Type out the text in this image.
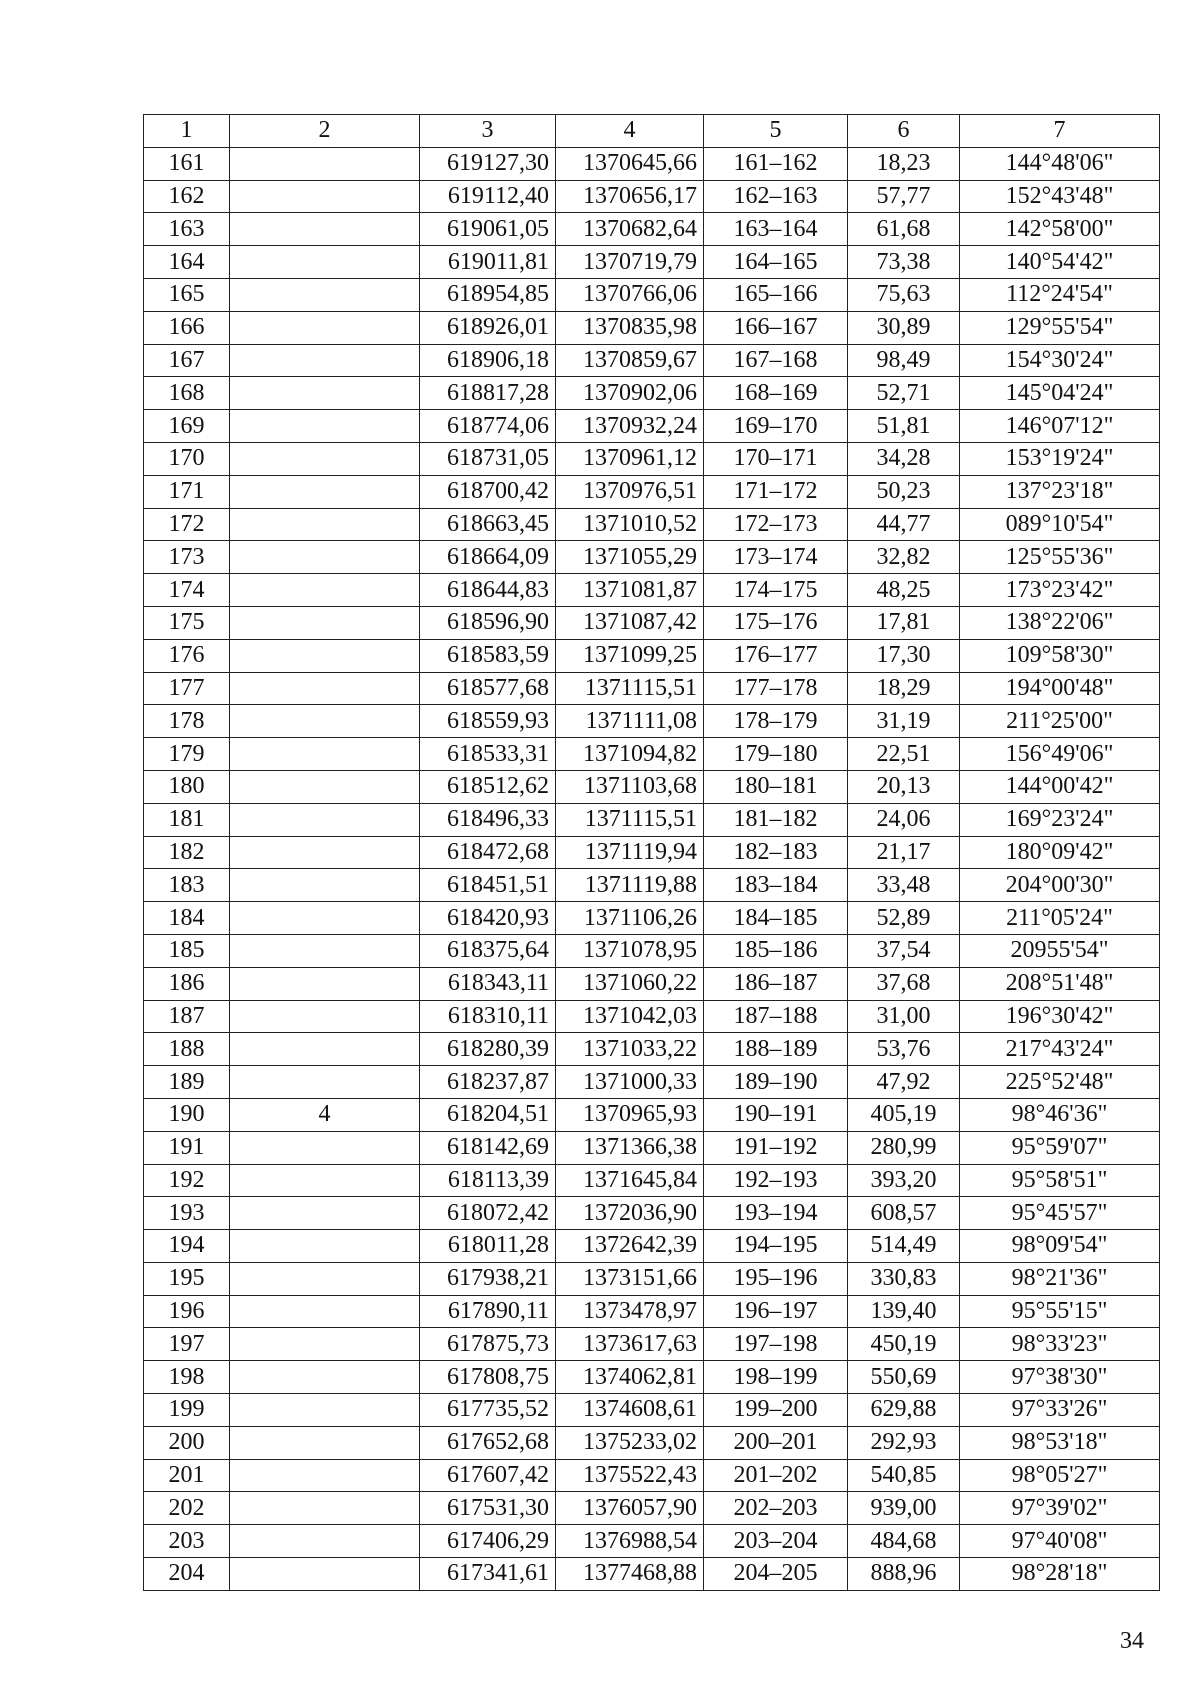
1	2	3	4	5	6	7
161		619127,30	1370645,66	161–162	18,23	144°48'06"
162		619112,40	1370656,17	162–163	57,77	152°43'48"
163		619061,05	1370682,64	163–164	61,68	142°58'00"
164		619011,81	1370719,79	164–165	73,38	140°54'42"
165		618954,85	1370766,06	165–166	75,63	112°24'54"
166		618926,01	1370835,98	166–167	30,89	129°55'54"
167		618906,18	1370859,67	167–168	98,49	154°30'24"
168		618817,28	1370902,06	168–169	52,71	145°04'24"
169		618774,06	1370932,24	169–170	51,81	146°07'12"
170		618731,05	1370961,12	170–171	34,28	153°19'24"
171		618700,42	1370976,51	171–172	50,23	137°23'18"
172		618663,45	1371010,52	172–173	44,77	089°10'54"
173		618664,09	1371055,29	173–174	32,82	125°55'36"
174		618644,83	1371081,87	174–175	48,25	173°23'42"
175		618596,90	1371087,42	175–176	17,81	138°22'06"
176		618583,59	1371099,25	176–177	17,30	109°58'30"
177		618577,68	1371115,51	177–178	18,29	194°00'48"
178		618559,93	1371111,08	178–179	31,19	211°25'00"
179		618533,31	1371094,82	179–180	22,51	156°49'06"
180		618512,62	1371103,68	180–181	20,13	144°00'42"
181		618496,33	1371115,51	181–182	24,06	169°23'24"
182		618472,68	1371119,94	182–183	21,17	180°09'42"
183		618451,51	1371119,88	183–184	33,48	204°00'30"
184		618420,93	1371106,26	184–185	52,89	211°05'24"
185		618375,64	1371078,95	185–186	37,54	20955'54"
186		618343,11	1371060,22	186–187	37,68	208°51'48"
187		618310,11	1371042,03	187–188	31,00	196°30'42"
188		618280,39	1371033,22	188–189	53,76	217°43'24"
189		618237,87	1371000,33	189–190	47,92	225°52'48"
190	4	618204,51	1370965,93	190–191	405,19	98°46'36"
191		618142,69	1371366,38	191–192	280,99	95°59'07"
192		618113,39	1371645,84	192–193	393,20	95°58'51"
193		618072,42	1372036,90	193–194	608,57	95°45'57"
194		618011,28	1372642,39	194–195	514,49	98°09'54"
195		617938,21	1373151,66	195–196	330,83	98°21'36"
196		617890,11	1373478,97	196–197	139,40	95°55'15"
197		617875,73	1373617,63	197–198	450,19	98°33'23"
198		617808,75	1374062,81	198–199	550,69	97°38'30"
199		617735,52	1374608,61	199–200	629,88	97°33'26"
200		617652,68	1375233,02	200–201	292,93	98°53'18"
201		617607,42	1375522,43	201–202	540,85	98°05'27"
202		617531,30	1376057,90	202–203	939,00	97°39'02"
203		617406,29	1376988,54	203–204	484,68	97°40'08"
204		617341,61	1377468,88	204–205	888,96	98°28'18"
34
